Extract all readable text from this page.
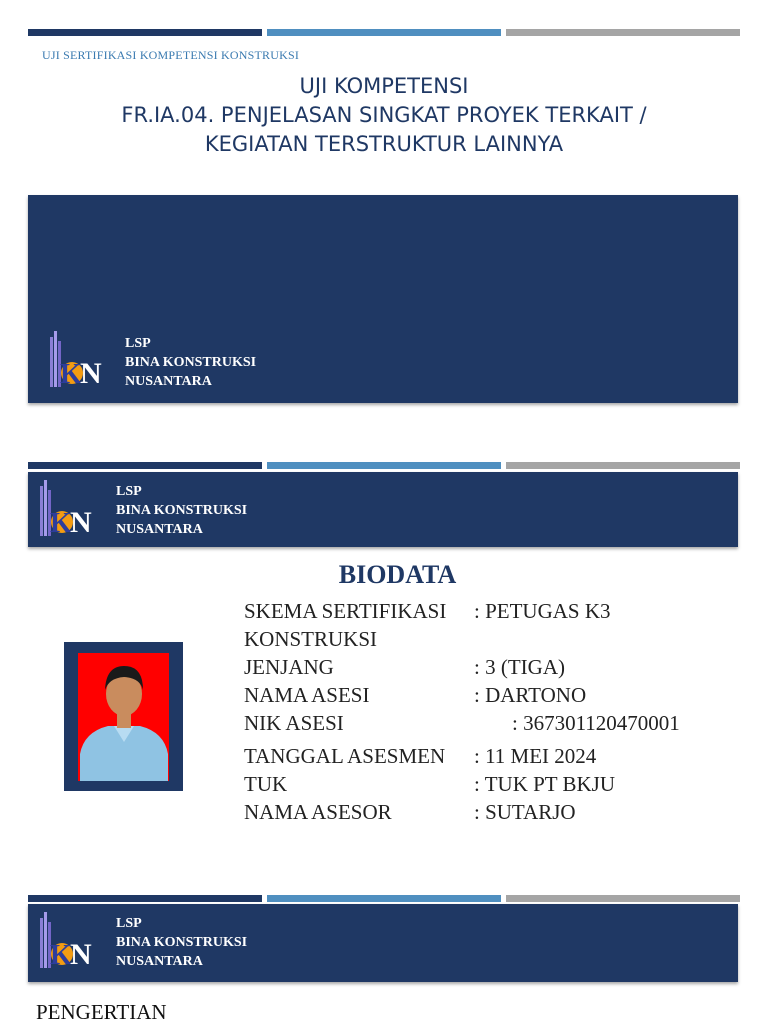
UJI SERTIFIKASI KOMPETENSI KONSTRUKSI
UJI KOMPETENSI
FR.IA.04. PENJELASAN SINGKAT PROYEK TERKAIT /
KEGIATAN TERSTRUKTUR LAINNYA
K
N
LSP
BINA KONSTRUKSI
NUSANTARA
K
N
LSP
BINA KONSTRUKSI
NUSANTARA
BIODATA
SKEMA SERTIFIKASI : PETUGAS K3
KONSTRUKSI
JENJANG	: 3 (TIGA)
NAMA ASESI	: DARTONO
NIK ASESI	: 367301120470001
TANGGAL ASESMEN : 11 MEI 2024
TUK	: TUK PT BKJU
NAMA ASESOR	: SUTARJO
K
N
LSP
BINA KONSTRUKSI
NUSANTARA
PENGERTIAN
